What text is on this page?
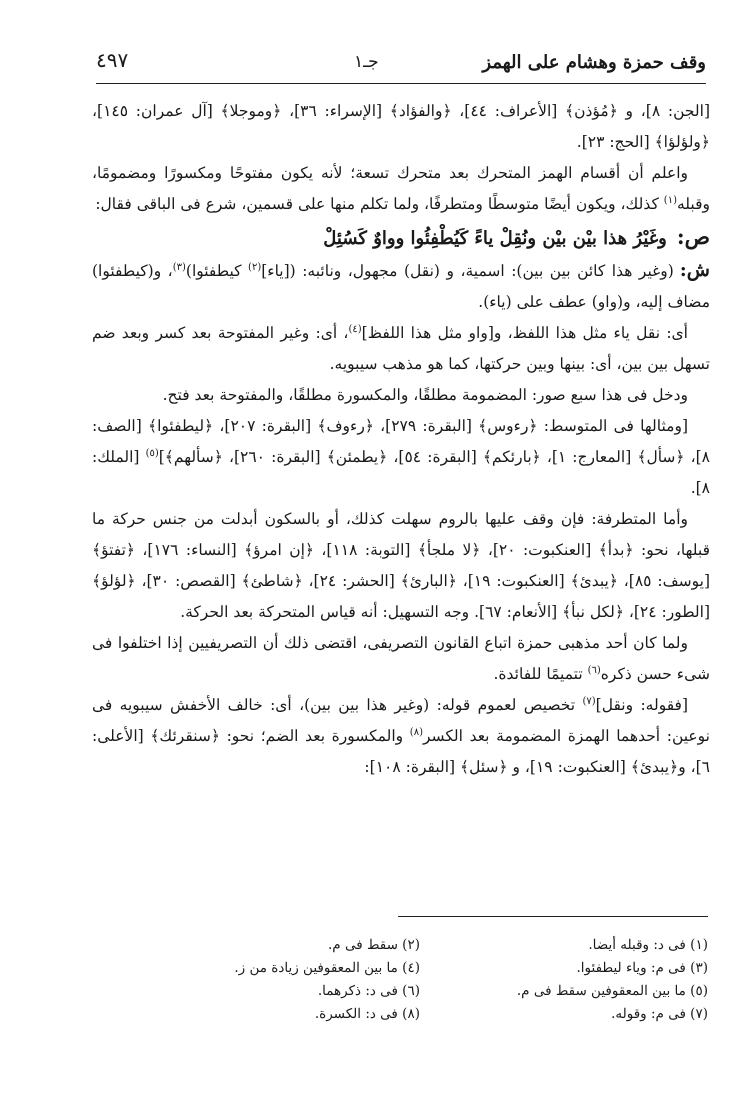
وقف حمزة وهشام على الهمز
جـ١
٤٩٧

[الجن: ٨]، و ﴿مُؤذن﴾ [الأعراف: ٤٤]، ﴿والفؤاد﴾ [الإسراء: ٣٦]، ﴿وموجلا﴾ [آل عمران: ١٤٥]، ﴿ولؤلؤا﴾ [الحج: ٢٣].

واعلم أن أقسام الهمز المتحرك بعد متحرك تسعة؛ لأنه يكون مفتوحًا ومكسورًا ومضمومًا، وقبله$^{(١)}$ كذلك، ويكون أيضًا متوسطًا ومتطرفًا، ولما تكلم منها على قسمين، شرع فى الباقى فقال:

ص:
وغَيْرُ هذا بيْن بيْن ونُقِلْ ياءً كَيُطْفِئُوا وواوٌ كَسُئِلْ

ش:(وغير هذا كائن بين بين): اسمية، و (نقل) مجهول، ونائبه: ([ياء]$^{(٢)}$ كيطفئوا)$^{(٣)}$، و(كيطفئوا) مضاف إليه، و(واو) عطف على (ياء).

أى: نقل ياء مثل هذا اللفظ، و[واو مثل هذا اللفظ]$^{(٤)}$، أى: وغير المفتوحة بعد كسر وبعد ضم تسهل بين بين، أى: بينها وبين حركتها، كما هو مذهب سيبويه.

ودخل فى هذا سبع صور: المضمومة مطلقًا، والمكسورة مطلقًا، والمفتوحة بعد فتح.

[ومثالها فى المتوسط: ﴿رءوس﴾ [البقرة: ٢٧٩]، ﴿رءوف﴾ [البقرة: ٢٠٧]، ﴿ليطفئوا﴾ [الصف: ٨]، ﴿سأل﴾ [المعارج: ١]، ﴿بارئكم﴾ [البقرة: ٥٤]، ﴿يطمئن﴾ [البقرة: ٢٦٠]، ﴿سألهم﴾]$^{(٥)}$ [الملك: ٨].

وأما المتطرفة: فإن وقف عليها بالروم سهلت كذلك، أو بالسكون أبدلت من جنس حركة ما قبلها، نحو: ﴿بدأ﴾ [العنكبوت: ٢٠]، ﴿لا ملجأ﴾ [التوبة: ١١٨]، ﴿إن امرؤ﴾ [النساء: ١٧٦]، ﴿تفتؤ﴾ [يوسف: ٨٥]، ﴿يبدئ﴾ [العنكبوت: ١٩]، ﴿البارئ﴾ [الحشر: ٢٤]، ﴿شاطئ﴾ [القصص: ٣٠]، ﴿لؤلؤ﴾ [الطور: ٢٤]، ﴿لكل نبأ﴾ [الأنعام: ٦٧]. وجه التسهيل: أنه قياس المتحركة بعد الحركة.

ولما كان أحد مذهبى حمزة اتباع القانون التصريفى، اقتضى ذلك أن التصريفيين إذا اختلفوا فى شىء حسن ذكره$^{(٦)}$ تتميمًا للفائدة.

[فقوله: ونقل]$^{(٧)}$ تخصيص لعموم قوله: (وغير هذا بين بين)، أى: خالف الأخفش سيبويه فى نوعين: أحدهما الهمزة المضمومة بعد الكسر$^{(٨)}$ والمكسورة بعد الضم؛ نحو: ﴿سنقرئك﴾ [الأعلى: ٦]، و﴿يبدئ﴾ [العنكبوت: ١٩]، و ﴿سئل﴾ [البقرة: ١٠٨]:

(١) فى د: وقبله أيضا.
(٢) سقط فى م.
(٣) فى م: وياء ليطفئوا.
(٤) ما بين المعقوفين زيادة من ز.
(٥) ما بين المعقوفين سقط فى م.
(٦) فى د: ذكرهما.
(٧) فى م: وقوله.
(٨) فى د: الكسرة.
